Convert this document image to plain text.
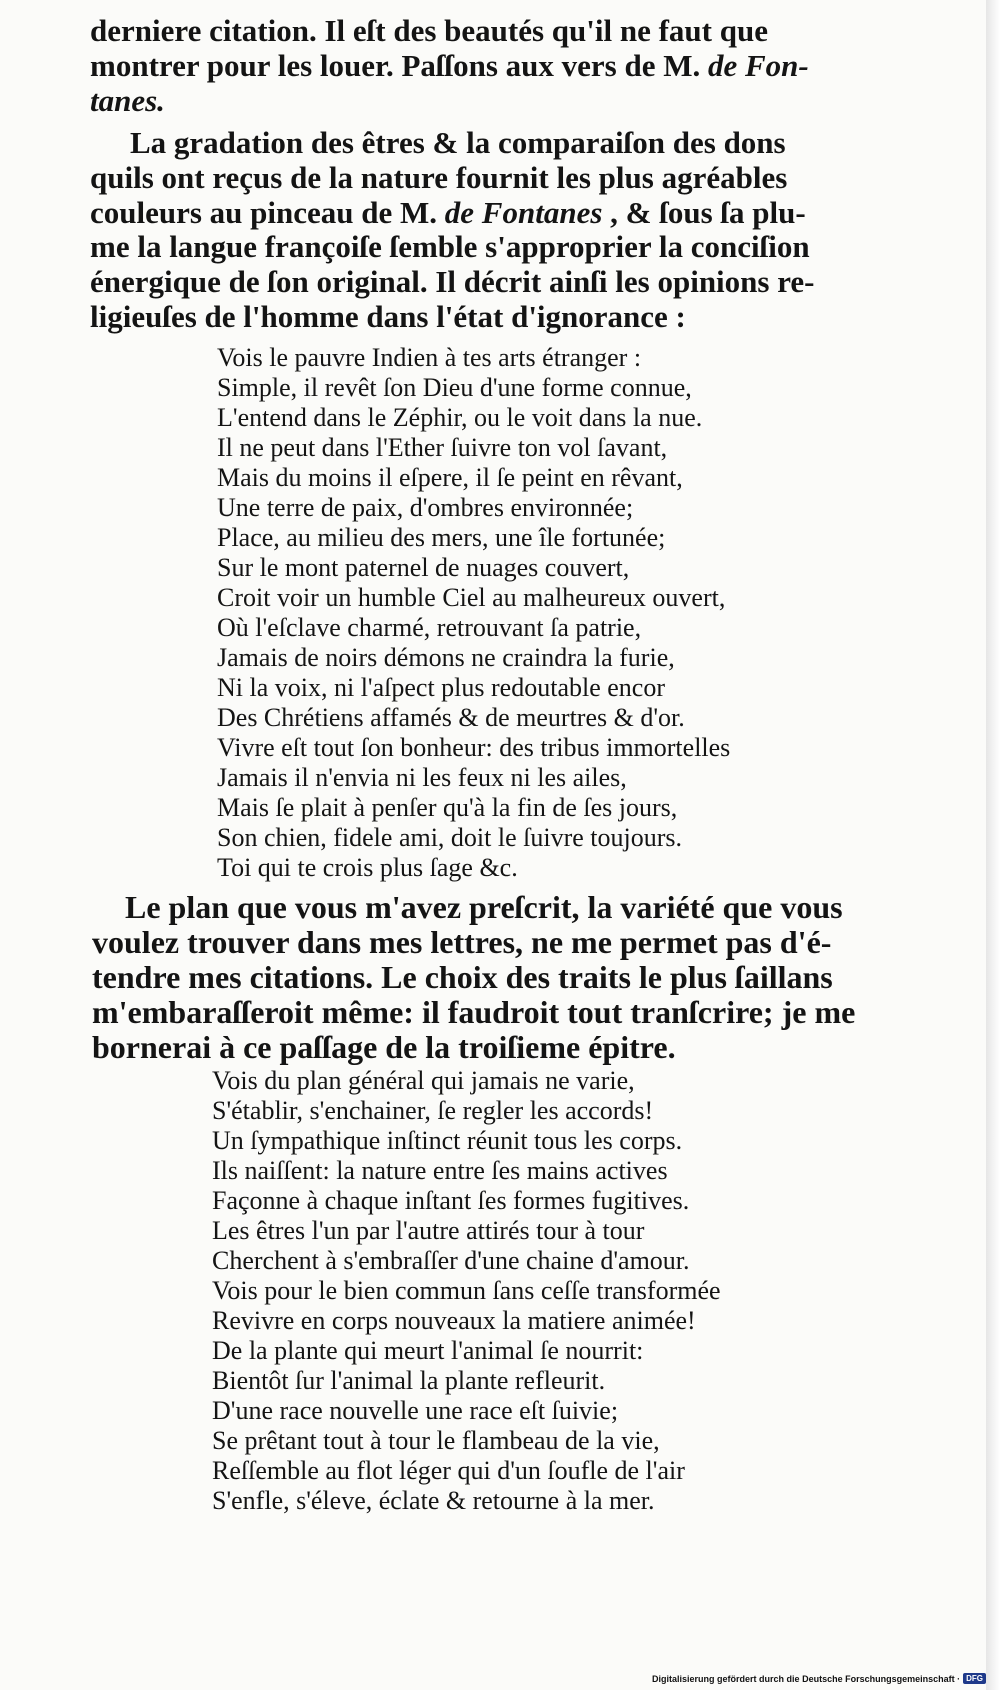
derniere citation. Il eſt des beautés qu'il ne faut que
montrer pour les louer. Paſſons aux vers de M. de Fon-
tanes.
La gradation des êtres & la comparaiſon des dons
quils ont reçus de la nature fournit les plus agréables
couleurs au pinceau de M. de Fontanes , & ſous ſa plu-
me la langue françoiſe ſemble s'approprier la conciſion
énergique de ſon original. Il décrit ainſi les opinions re-
ligieuſes de l'homme dans l'état d'ignorance :
Vois le pauvre Indien à tes arts étranger :
Simple, il revêt ſon Dieu d'une forme connue,
L'entend dans le Zéphir, ou le voit dans la nue.
Il ne peut dans l'Ether ſuivre ton vol ſavant,
Mais du moins il eſpere, il ſe peint en rêvant,
Une terre de paix, d'ombres environnée;
Place, au milieu des mers, une île fortunée;
Sur le mont paternel de nuages couvert,
Croit voir un humble Ciel au malheureux ouvert,
Où l'eſclave charmé, retrouvant ſa patrie,
Jamais de noirs démons ne craindra la furie,
Ni la voix, ni l'aſpect plus redoutable encor
Des Chrétiens affamés & de meurtres & d'or.
Vivre eſt tout ſon bonheur: des tribus immortelles
Jamais il n'envia ni les feux ni les ailes,
Mais ſe plait à penſer qu'à la fin de ſes jours,
Son chien, fidele ami, doit le ſuivre toujours.
Toi qui te crois plus ſage &c.
Le plan que vous m'avez preſcrit, la variété que vous
voulez trouver dans mes lettres, ne me permet pas d'é-
tendre mes citations. Le choix des traits le plus ſaillans
m'embaraſſeroit même: il faudroit tout tranſcrire; je me
bornerai à ce paſſage de la troiſieme épitre.
Vois du plan général qui jamais ne varie,
S'établir, s'enchainer, ſe regler les accords!
Un ſympathique inſtinct réunit tous les corps.
Ils naiſſent: la nature entre ſes mains actives
Façonne à chaque inſtant ſes formes fugitives.
Les êtres l'un par l'autre attirés tour à tour
Cherchent à s'embraſſer d'une chaine d'amour.
Vois pour le bien commun ſans ceſſe transformée
Revivre en corps nouveaux la matiere animée!
De la plante qui meurt l'animal ſe nourrit:
Bientôt ſur l'animal la plante refleurit.
D'une race nouvelle une race eſt ſuivie;
Se prêtant tout à tour le flambeau de la vie,
Reſſemble au flot léger qui d'un ſoufle de l'air
S'enfle, s'éleve, éclate & retourne à la mer.
Digitalisierung gefördert durch die Deutsche Forschungsgemeinschaft · DFG
